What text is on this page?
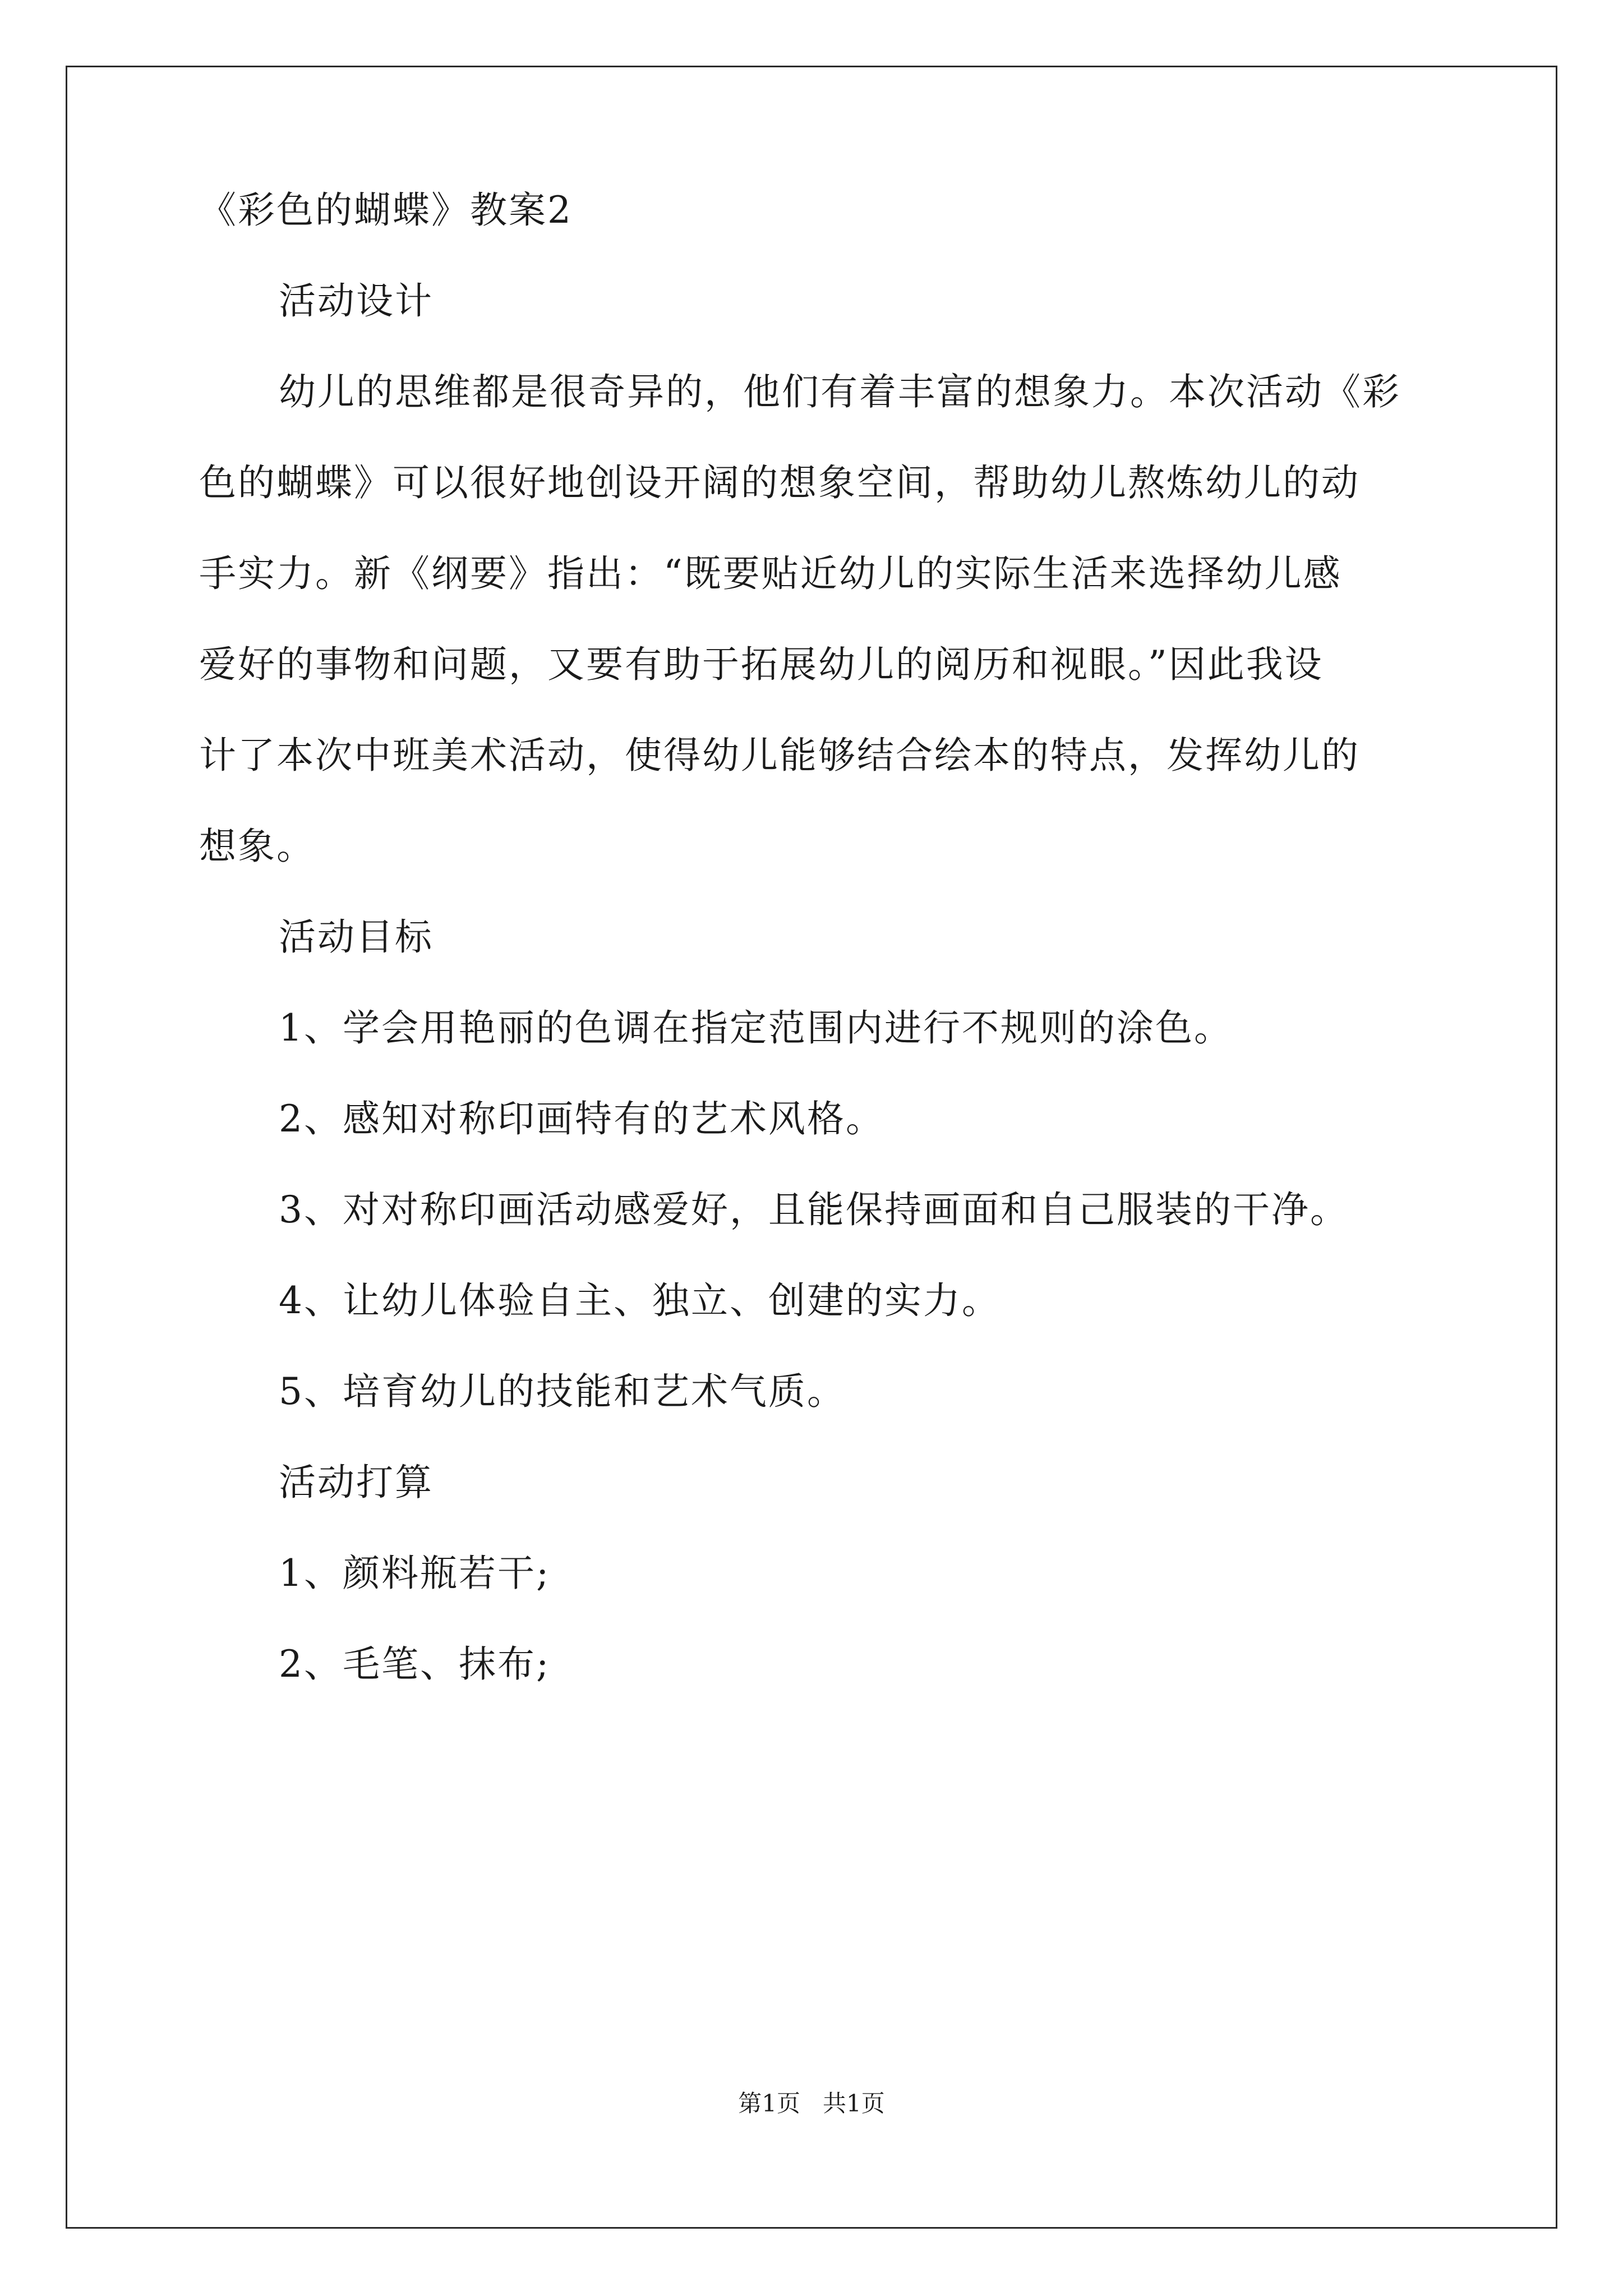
《彩色的蝴蝶》教案2

活动设计

幼儿的思维都是很奇异的，他们有着丰富的想象力。本次活动《彩
色的蝴蝶》可以很好地创设开阔的想象空间，帮助幼儿熬炼幼儿的动
手实力。新《纲要》指出：“既要贴近幼儿的实际生活来选择幼儿感
爱好的事物和问题，又要有助于拓展幼儿的阅历和视眼。”因此我设
计了本次中班美术活动，使得幼儿能够结合绘本的特点，发挥幼儿的
想象。

活动目标

1、学会用艳丽的色调在指定范围内进行不规则的涂色。

2、感知对称印画特有的艺术风格。

3、对对称印画活动感爱好，且能保持画面和自己服装的干净。

4、让幼儿体验自主、独立、创建的实力。

5、培育幼儿的技能和艺术气质。

活动打算

1、颜料瓶若干;

2、毛笔、抹布;

第1页 共1页
